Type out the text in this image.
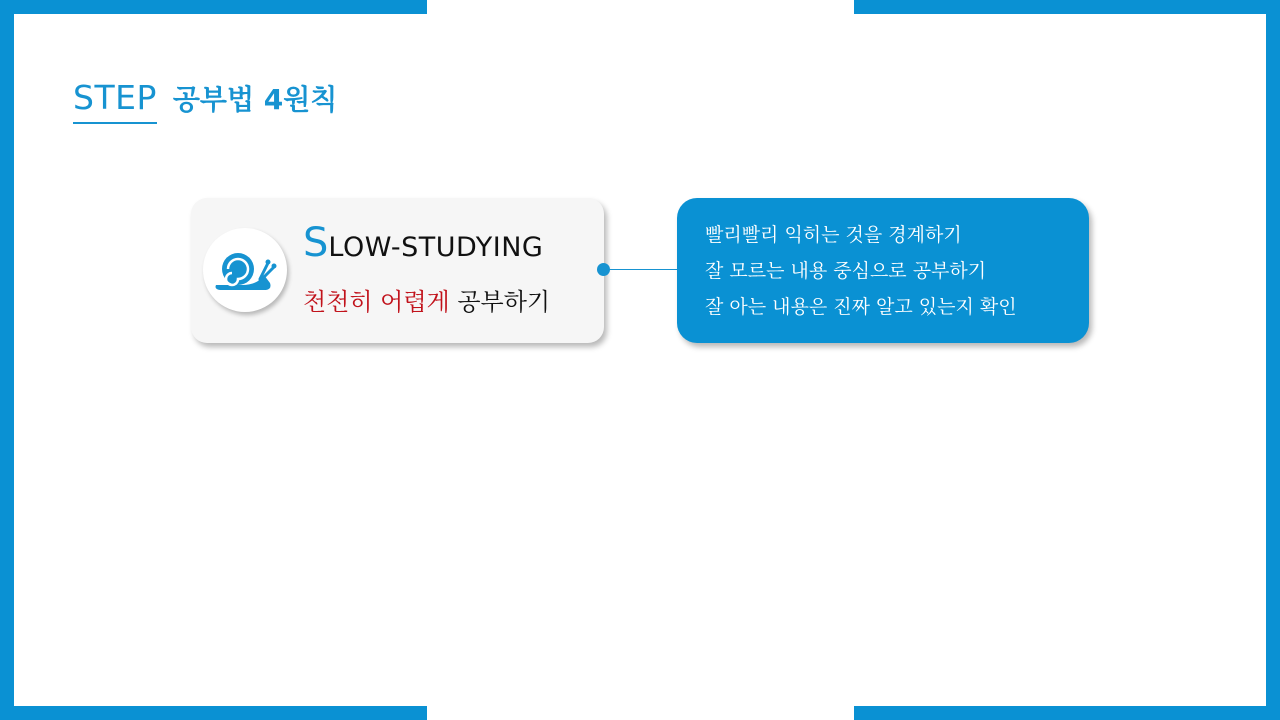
STEP 공부법 4원칙
SLOW-STUDYING
천천히 어렵게 공부하기
빨리빨리 익히는 것을 경계하기
잘 모르는 내용 중심으로 공부하기
잘 아는 내용은 진짜 알고 있는지 확인
